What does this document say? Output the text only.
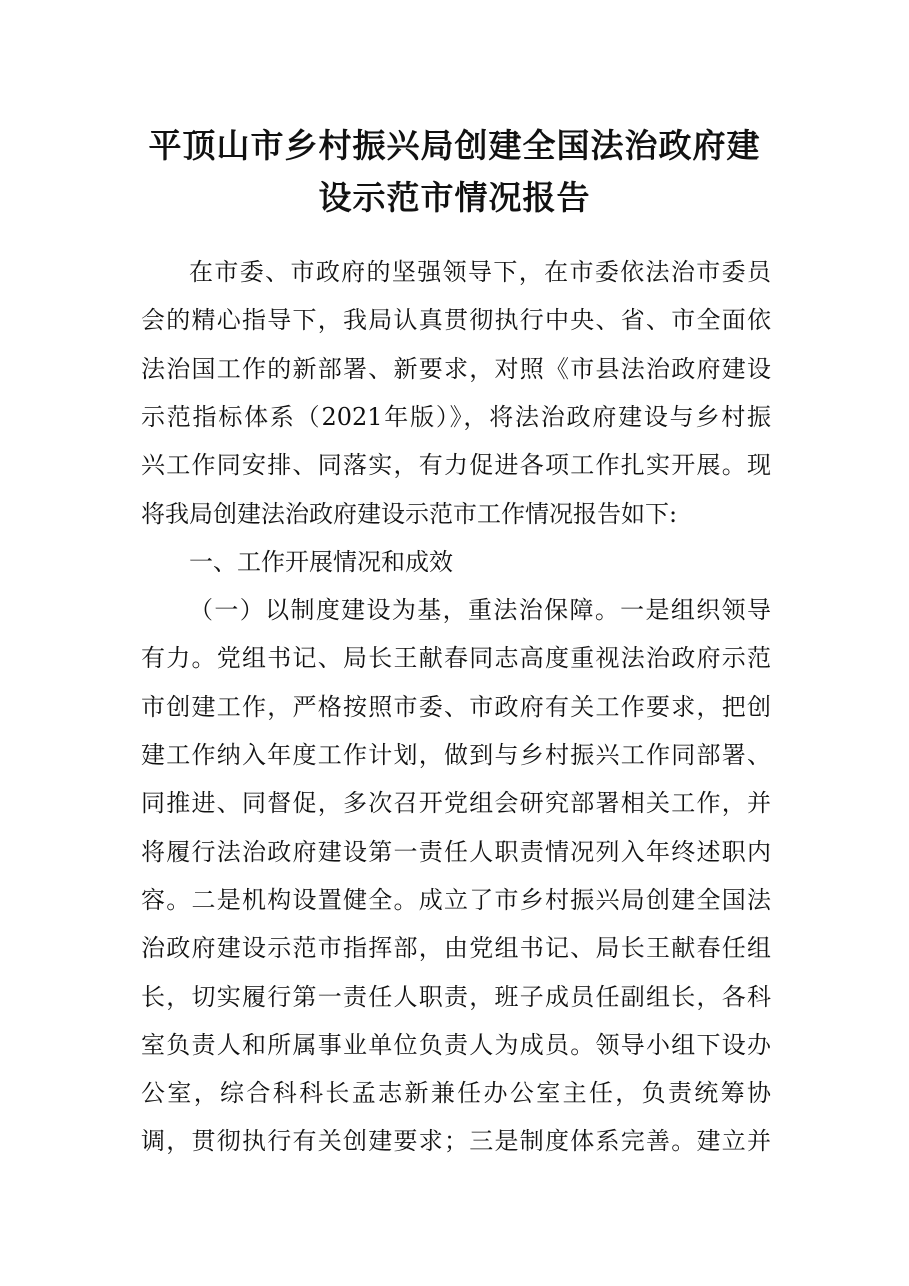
平顶山市乡村振兴局创建全国法治政府建
设示范市情况报告
在市委、市政府的坚强领导下，在市委依法治市委员
会的精心指导下，我局认真贯彻执行中央、省、市全面依
法治国工作的新部署、新要求，对照《市县法治政府建设
示范指标体系（2021年版）》，将法治政府建设与乡村振
兴工作同安排、同落实，有力促进各项工作扎实开展。现
将我局创建法治政府建设示范市工作情况报告如下:
一、工作开展情况和成效
（一）以制度建设为基，重法治保障。一是组织领导
有力。党组书记、局长王献春同志高度重视法治政府示范
市创建工作，严格按照市委、市政府有关工作要求，把创
建工作纳入年度工作计划，做到与乡村振兴工作同部署、
同推进、同督促，多次召开党组会研究部署相关工作，并
将履行法治政府建设第一责任人职责情况列入年终述职内
容。二是机构设置健全。成立了市乡村振兴局创建全国法
治政府建设示范市指挥部，由党组书记、局长王献春任组
长，切实履行第一责任人职责，班子成员任副组长，各科
室负责人和所属事业单位负责人为成员。领导小组下设办
公室，综合科科长孟志新兼任办公室主任，负责统筹协
调，贯彻执行有关创建要求；三是制度体系完善。建立并
